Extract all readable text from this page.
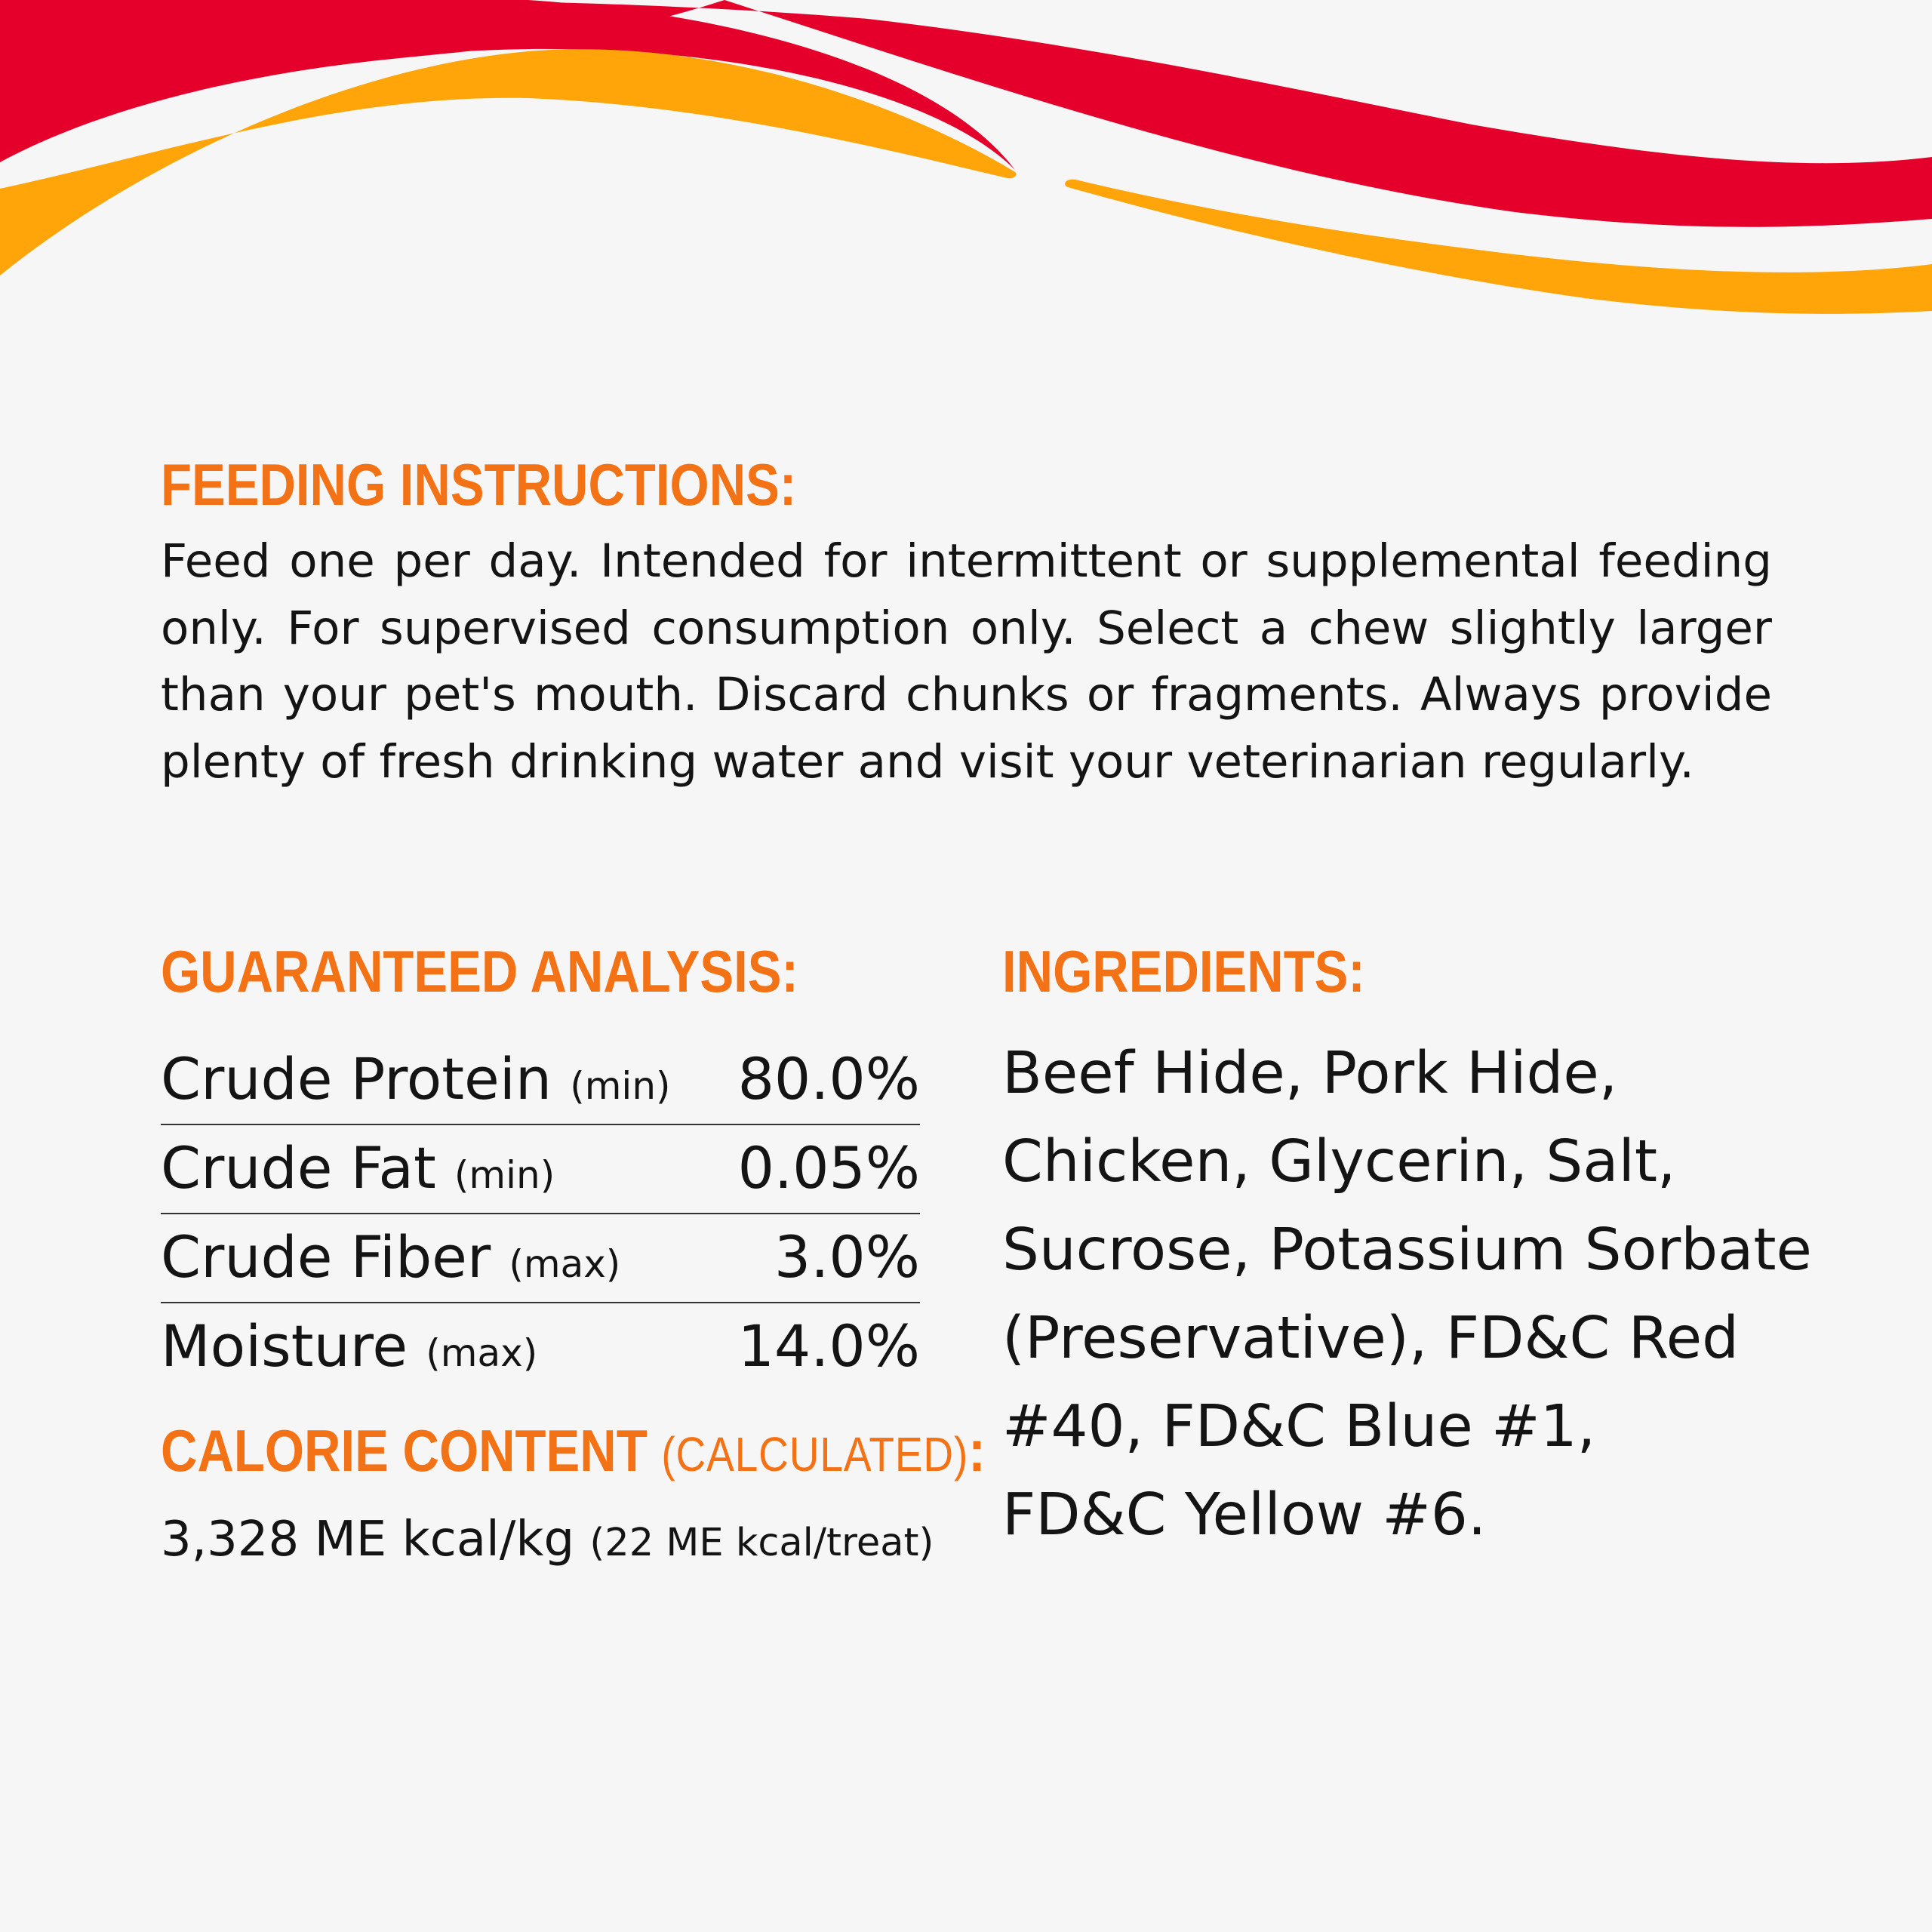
FEEDING INSTRUCTIONS:

Feed one per day. Intended for intermittent or supplemental feeding only. For supervised consumption only. Select a chew slightly larger than your pet's mouth. Discard chunks or fragments. Always provide plenty of fresh drinking water and visit your veterinarian regularly.

GUARANTEED ANALYSIS:
Crude Protein (min) 80.0%
Crude Fat (min)	0.05%
Crude Fiber (max)	3.0%
Moisture (max)	14.0%
CALORIE CONTENT (CALCULATED):
3,328 ME kcal/kg (22 ME kcal/treat)
INGREDIENTS:

Beef Hide, Pork Hide,
Chicken, Glycerin, Salt,
Sucrose, Potassium Sorbate
(Preservative), FD&C Red
#40, FD&C Blue #1,
FD&C Yellow #6.
